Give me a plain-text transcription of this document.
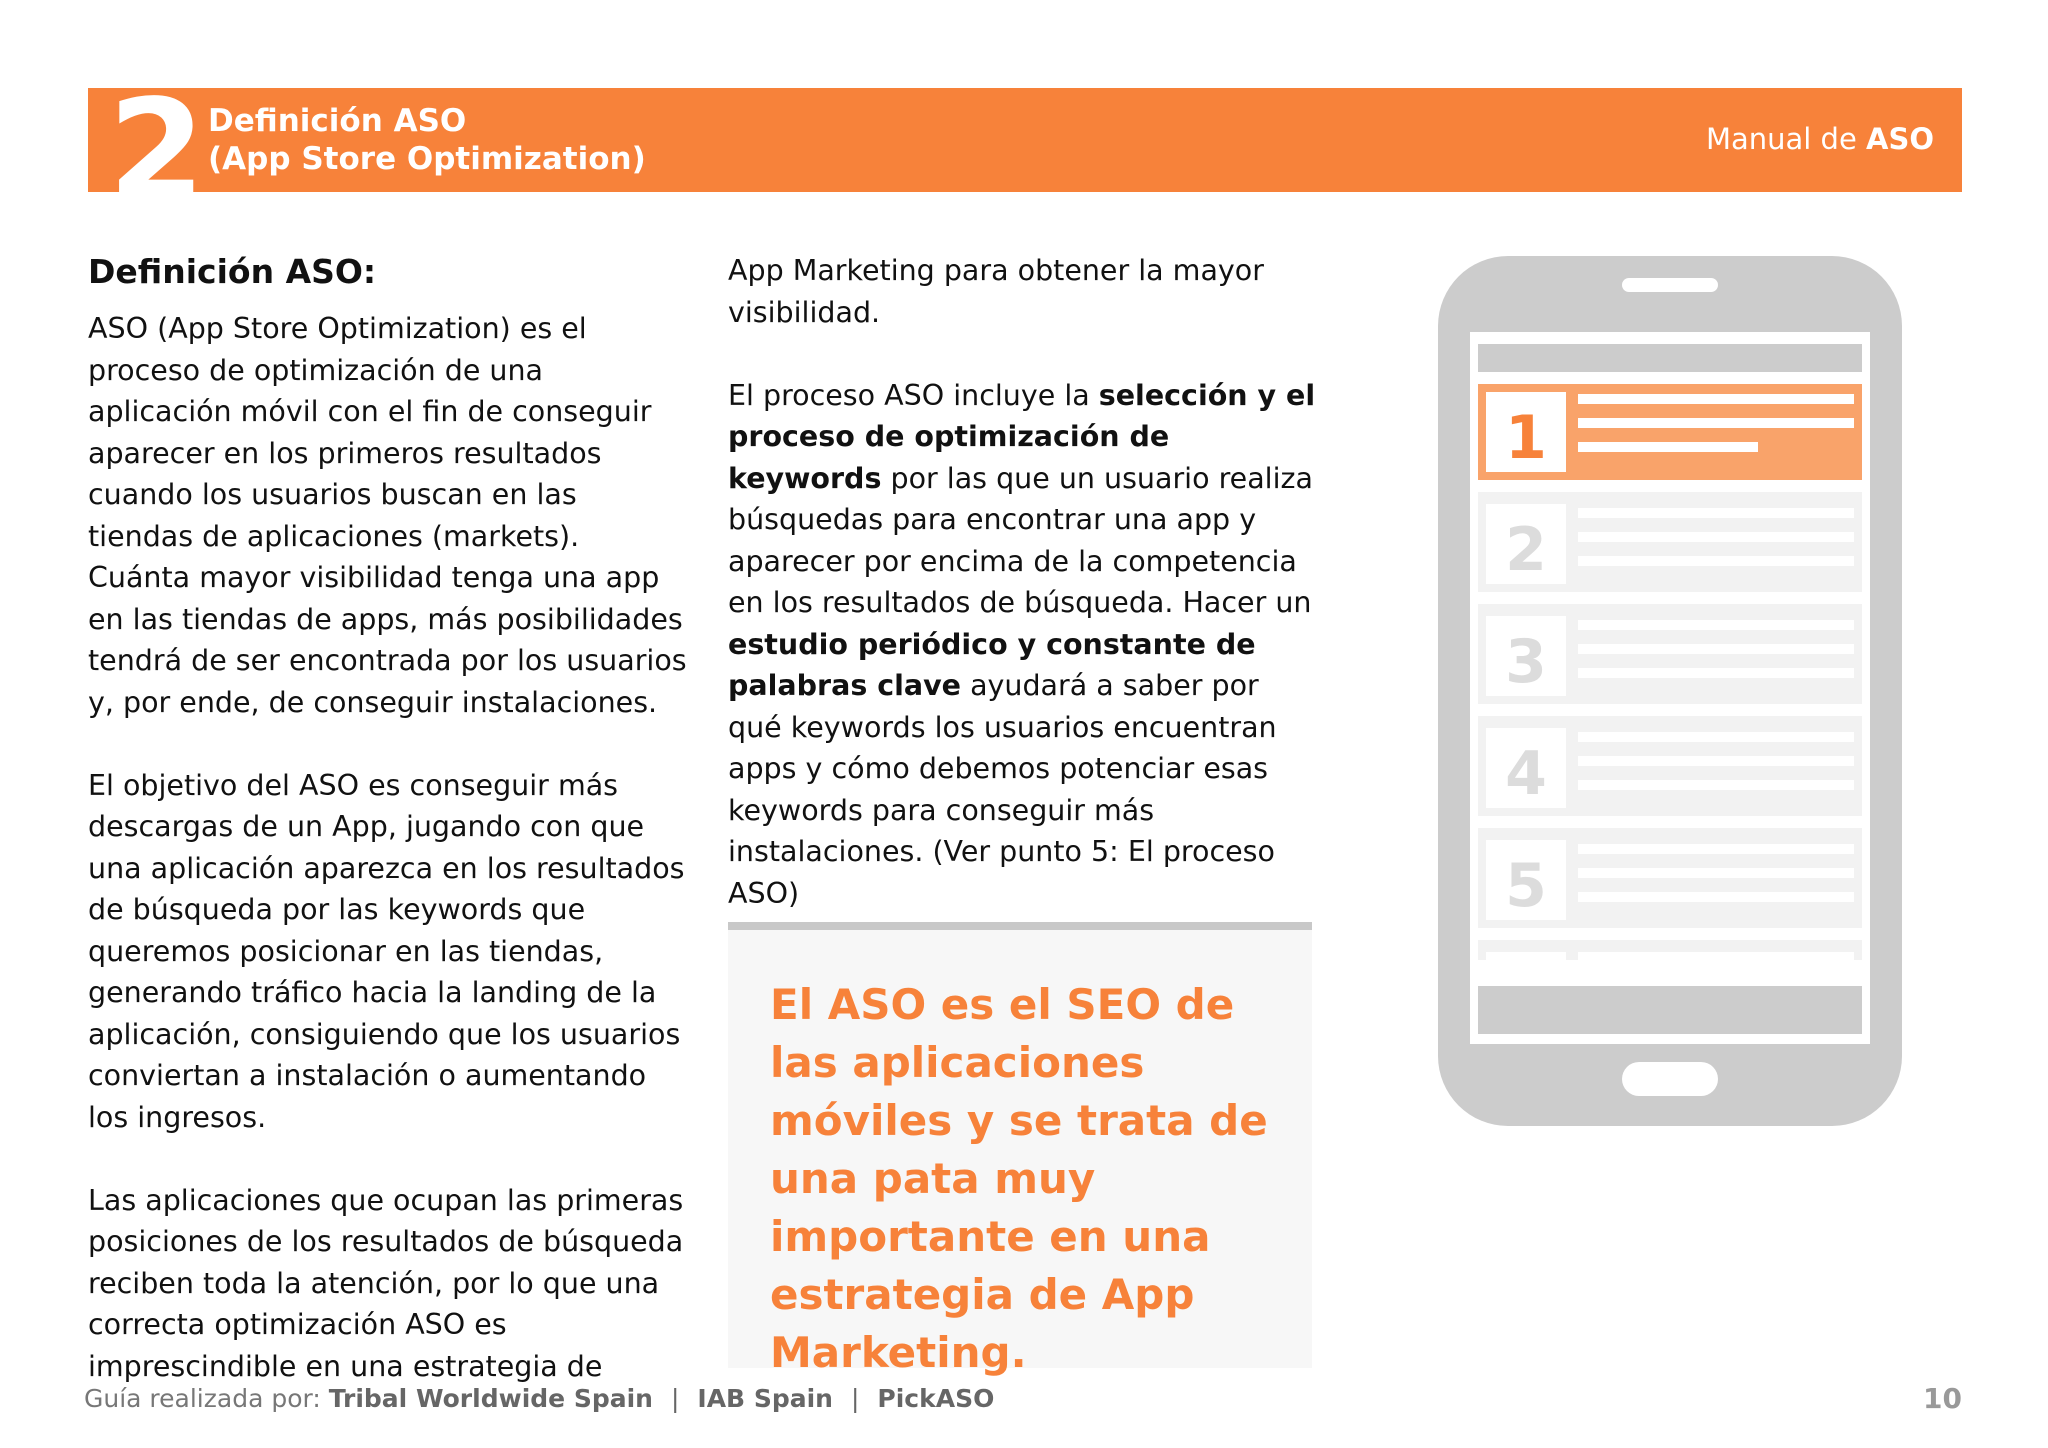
2 Definición ASO
(App Store Optimization)
Manual de ASO
Definición ASO:

ASO (App Store Optimization) es el proceso de optimización de una aplicación móvil con el fin de conseguir aparecer en los primeros resultados cuando los usuarios buscan en las tiendas de aplicaciones (markets). Cuánta mayor visibilidad tenga una app en las tiendas de apps, más posibilidades tendrá de ser encontrada por los usuarios y, por ende, de conseguir instalaciones.

El objetivo del ASO es conseguir más descargas de un App, jugando con que una aplicación aparezca en los resultados de búsqueda por las keywords que queremos posicionar en las tiendas, generando tráfico hacia la landing de la aplicación, consiguiendo que los usuarios conviertan a instalación o aumentando los ingresos.

Las aplicaciones que ocupan las primeras posiciones de los resultados de búsqueda reciben toda la atención, por lo que una correcta optimización ASO es imprescindible en una estrategia de

App Marketing para obtener la mayor visibilidad.

El proceso ASO incluye la selección y el proceso de optimización de keywords por las que un usuario realiza búsquedas para encontrar una app y aparecer por encima de la competencia en los resultados de búsqueda. Hacer un estudio periódico y constante de palabras clave ayudará a saber por qué keywords los usuarios encuentran apps y cómo debemos potenciar esas keywords para conseguir más instalaciones. (Ver punto 5: El proceso ASO)

El ASO es el SEO de las aplicaciones móviles y se trata de una pata muy importante en una estrategia de App Marketing.
1
2
3
4
5
Guía realizada por: Tribal Worldwide Spain | IAB Spain | PickASO	10
